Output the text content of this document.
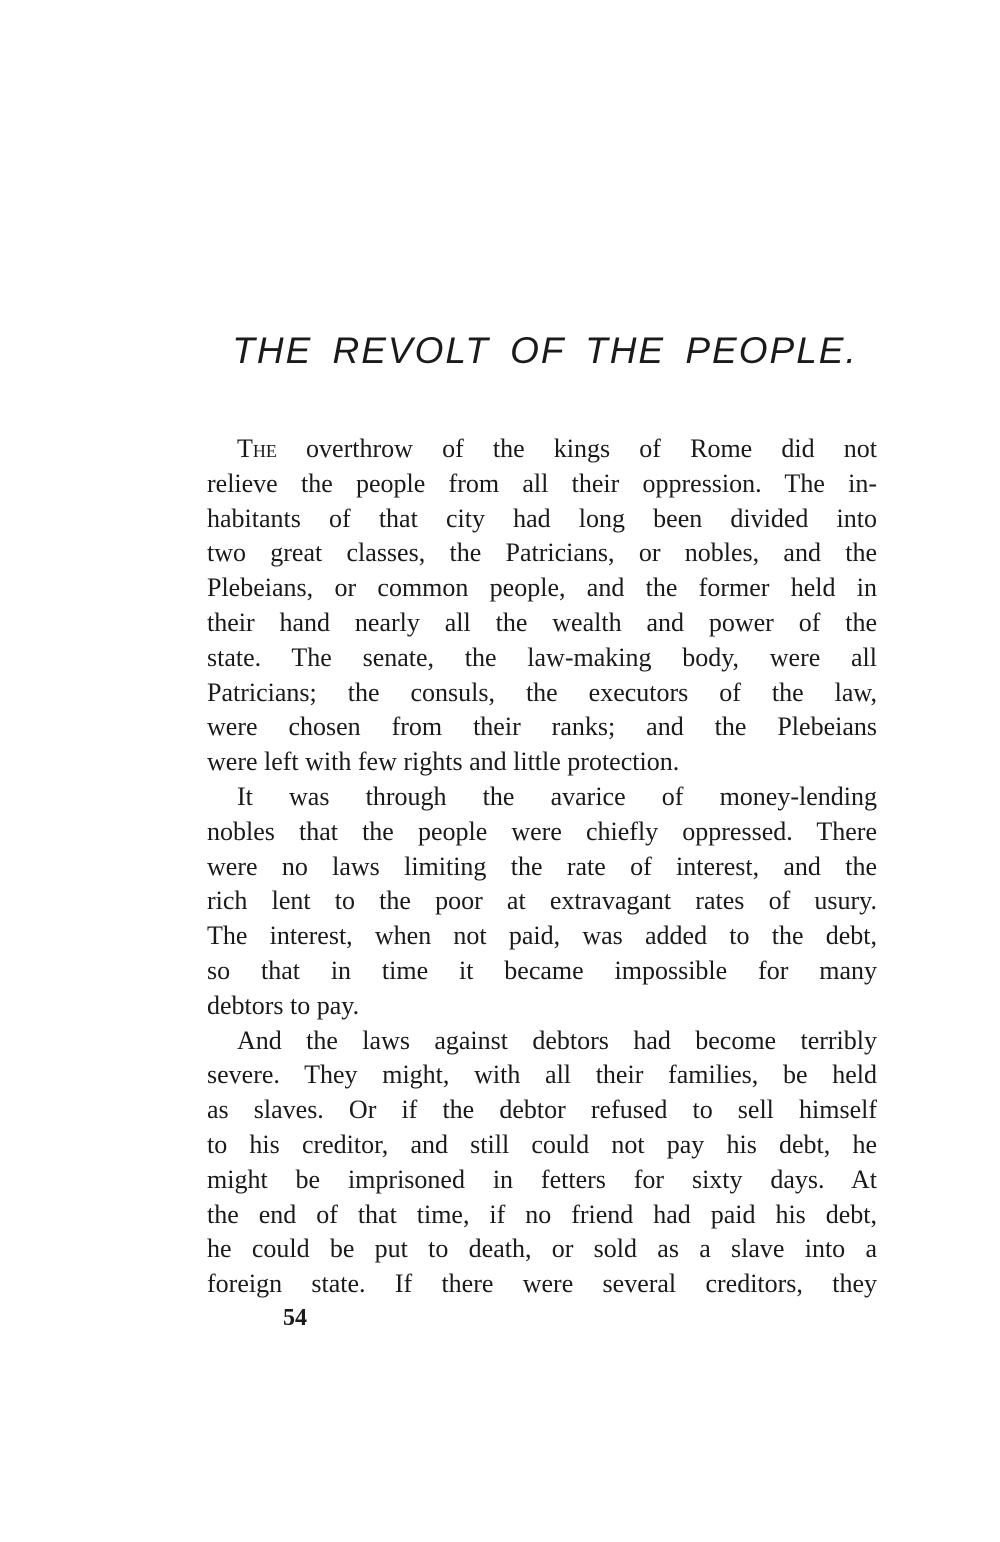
THE REVOLT OF THE PEOPLE.
The overthrow of the kings of Rome did not
relieve the people from all their oppression. The in-
habitants of that city had long been divided into
two great classes, the Patricians, or nobles, and the
Plebeians, or common people, and the former held in
their hand nearly all the wealth and power of the
state. The senate, the law-making body, were all
Patricians; the consuls, the executors of the law,
were chosen from their ranks; and the Plebeians
were left with few rights and little protection.
It was through the avarice of money-lending
nobles that the people were chiefly oppressed. There
were no laws limiting the rate of interest, and the
rich lent to the poor at extravagant rates of usury.
The interest, when not paid, was added to the debt,
so that in time it became impossible for many
debtors to pay.
And the laws against debtors had become terribly
severe. They might, with all their families, be held
as slaves. Or if the debtor refused to sell himself
to his creditor, and still could not pay his debt, he
might be imprisoned in fetters for sixty days. At
the end of that time, if no friend had paid his debt,
he could be put to death, or sold as a slave into a
foreign state. If there were several creditors, they
54
